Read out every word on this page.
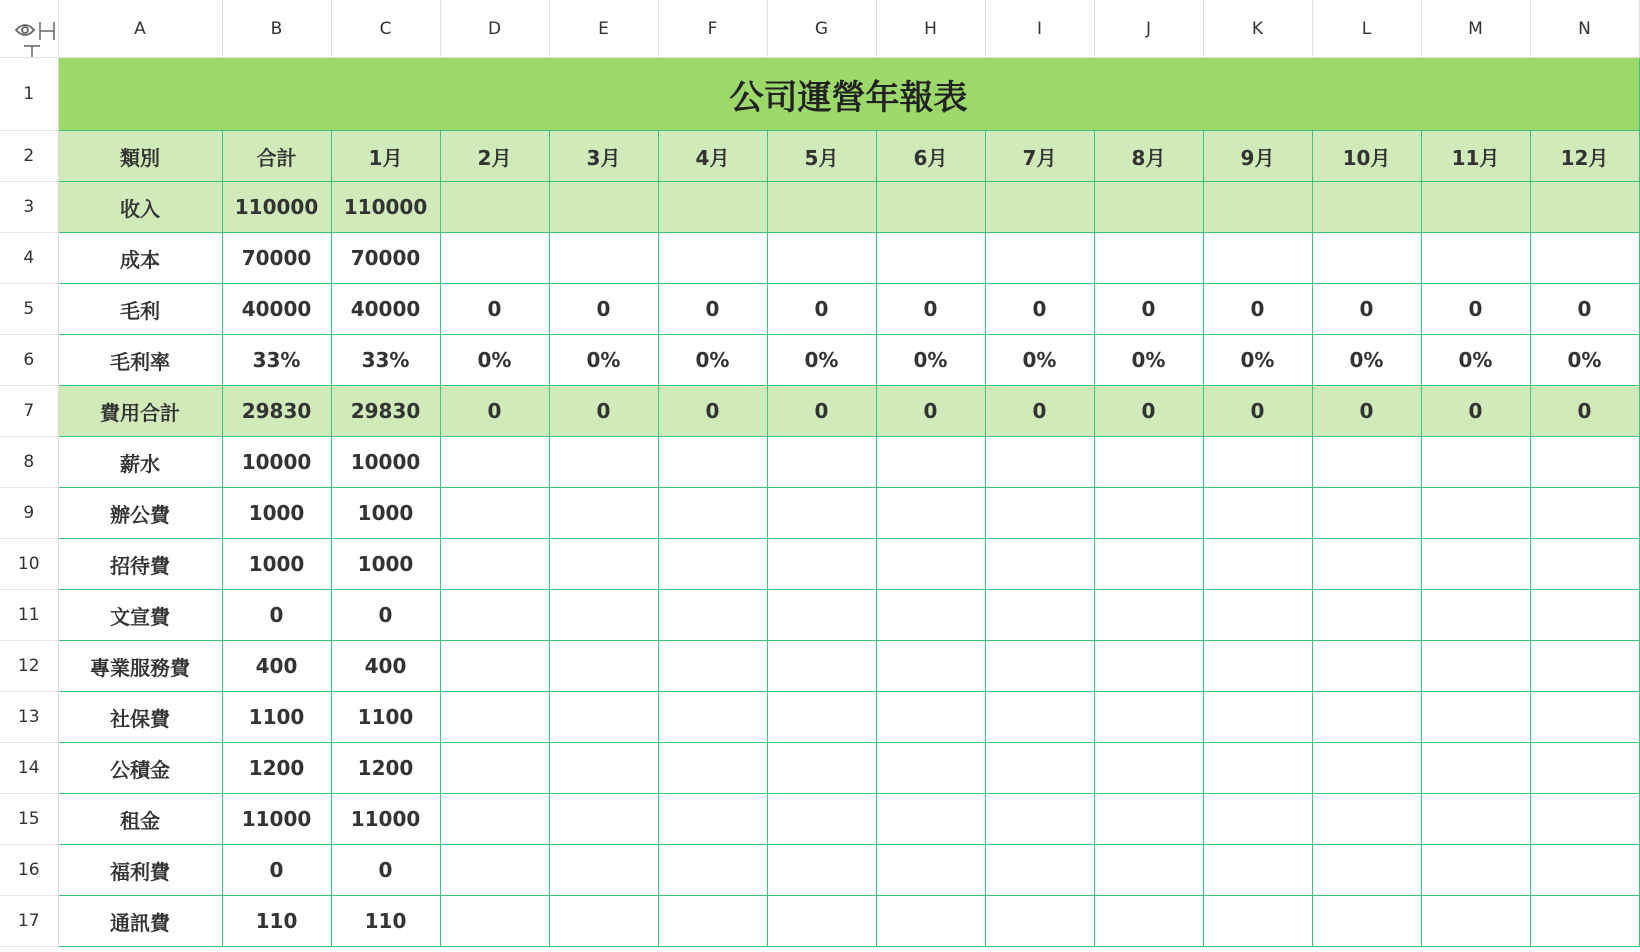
	A	B	C	D	E	F	G	H	I	J	K	L	M	N
1	公司運營年報表													
2	類別	合計	1月	2月	3月	4月	5月	6月	7月	8月	9月	10月	11月	12月
3	收入	110000	110000											
4	成本	70000	70000											
5	毛利	40000	40000	0	0	0	0	0	0	0	0	0	0	0
6	毛利率	33%	33%	0%	0%	0%	0%	0%	0%	0%	0%	0%	0%	0%
7	費用合計	29830	29830	0	0	0	0	0	0	0	0	0	0	0
8	薪水	10000	10000											
9	辦公費	1000	1000											
10	招待費	1000	1000											
11	文宣費	0	0											
12	專業服務費	400	400											
13	社保費	1100	1100											
14	公積金	1200	1200											
15	租金	11000	11000											
16	福利費	0	0											
17	通訊費	110	110											
